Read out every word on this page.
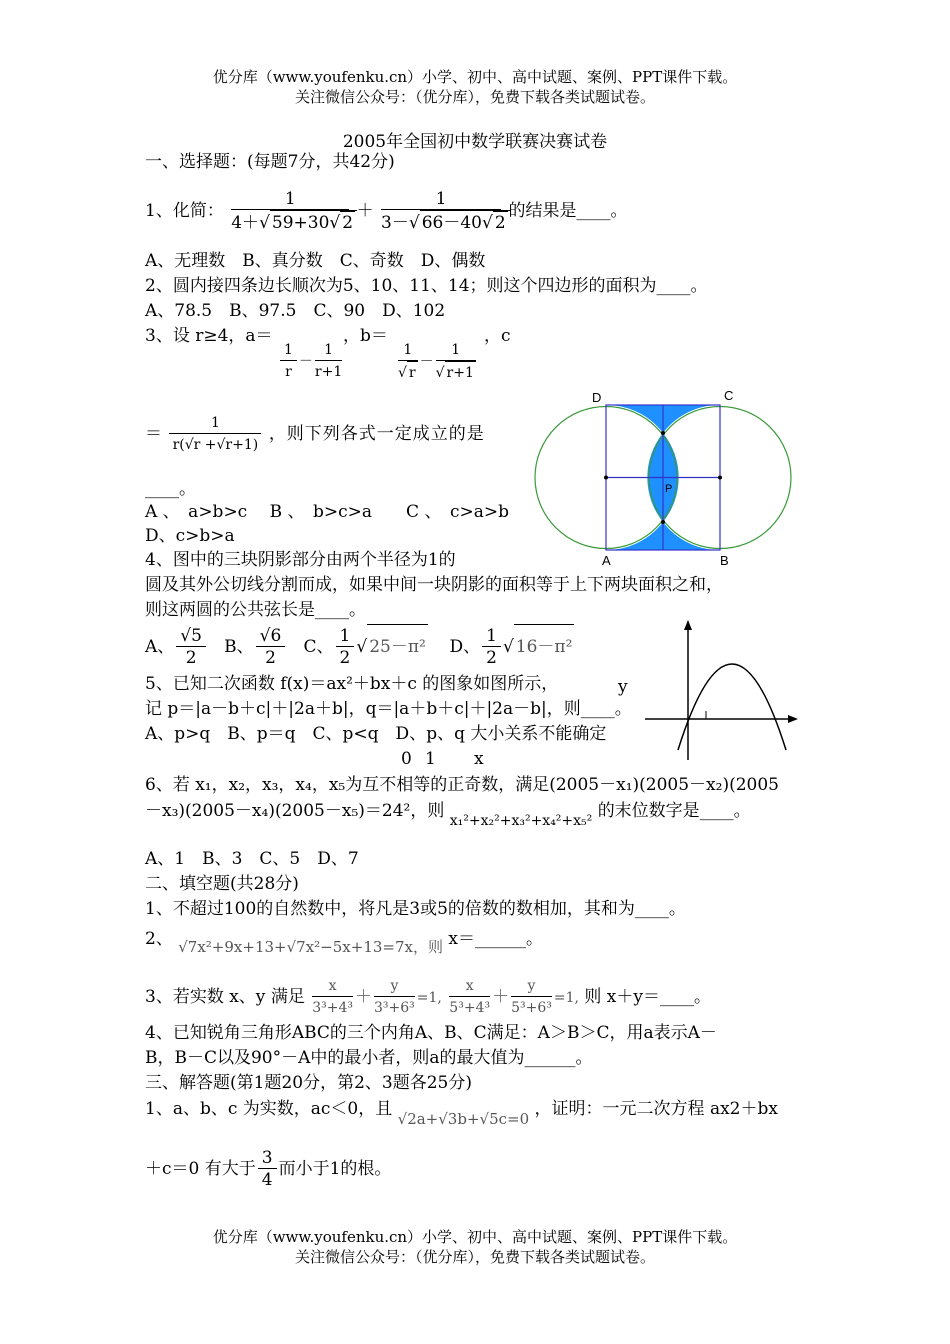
优分库（www.youfenku.cn）小学、初中、高中试题、案例、PPT课件下载。
关注微信公众号：（优分库），免费下载各类试题试卷。
2005年全国初中数学联赛决赛试卷
一、选择题：(每题7分，共42分)
1、化简： $\frac{1}{4+√ 59+30√ 2} + \frac{1}{3-√ 66-40√ 2}$ 的结果是____。
A、无理数　B、真分数　C、奇数　D、偶数
2、圆内接四条边长顺次为5、10、11、14；则这个四边形的面积为____。
A、78.5　B、97.5　C、90　D、102
3、设 r≥4，a＝	，b＝	，c
$\frac{1}{r} - \frac{1}{r+1}$	$\frac{1}{√ r} - \frac{1}{√ r+1}$
＝ $\frac{1}{r(√r +√r+1)}$ ，则下列各式一定成立的是
____。
A 、　a>b>c　 B 、　b>c>a　　C 、　c>a>b
D、c>b>a
D	C
A	B
P
4、图中的三块阴影部分由两个半径为1的
圆及其外公切线分割而成，如果中间一块阴影的面积等于上下两块面积之和，
则这两圆的公共弦长是____。
A、 $\frac{√5}{2}$ B、 $\frac{√6}{2}$ C、 $\frac{1}{2}$ √ 25－π² D、 $\frac{1}{2}$ √ 16－π²
5、已知二次函数 f(x)＝ax²＋bx＋c 的图象如图所示，	y
记 p＝|a－b＋c|＋|2a＋b|，q＝|a＋b＋c|＋|2a－b|，则____。
A、p>q　B、p＝q　C、p<q　D、p、q 大小关系不能确定
0 1 x
6、若 x₁，x₂，x₃，x₄，x₅为互不相等的正奇数，满足(2005－x₁)(2005－x₂)(2005
－x₃)(2005－x₄)(2005－x₅)＝24²，则 $_{x_1^2+x_2^2+x_3^2+x_4^2+x_5^2}$ 的末位数字是____。
A、1　B、3　C、5　D、7
二、填空题(共28分)
1、不超过100的自然数中，将凡是3或5的倍数的数相加，其和为____。
2、 √7x²+9x+13+√7x²−5x+13=7x，则 x＝______。
3、若实数 x、y 满足 $\frac{x}{\text{3³+4³}} + \frac{y}{\text{3³+6³}} =1$, $\frac{x}{\text{5³+4³}} + \frac{y}{\text{5³+6³}} =1$, 则 x＋y＝____。
4、已知锐角三角形ABC的三个内角A、B、C满足：A＞B＞C，用a表示A－
B，B－C以及90°－A中的最小者，则a的最大值为______。
三、解答题(第1题20分，第2、3题各25分)
1、a、b、c 为实数，ac＜0，且 √2a+√3b+√5c=0 ，证明：一元二次方程 ax2＋bx
＋c＝0 有大于 $\frac{3}{4}$ 而小于1的根。
优分库（www.youfenku.cn）小学、初中、高中试题、案例、PPT课件下载。
关注微信公众号：（优分库），免费下载各类试题试卷。
